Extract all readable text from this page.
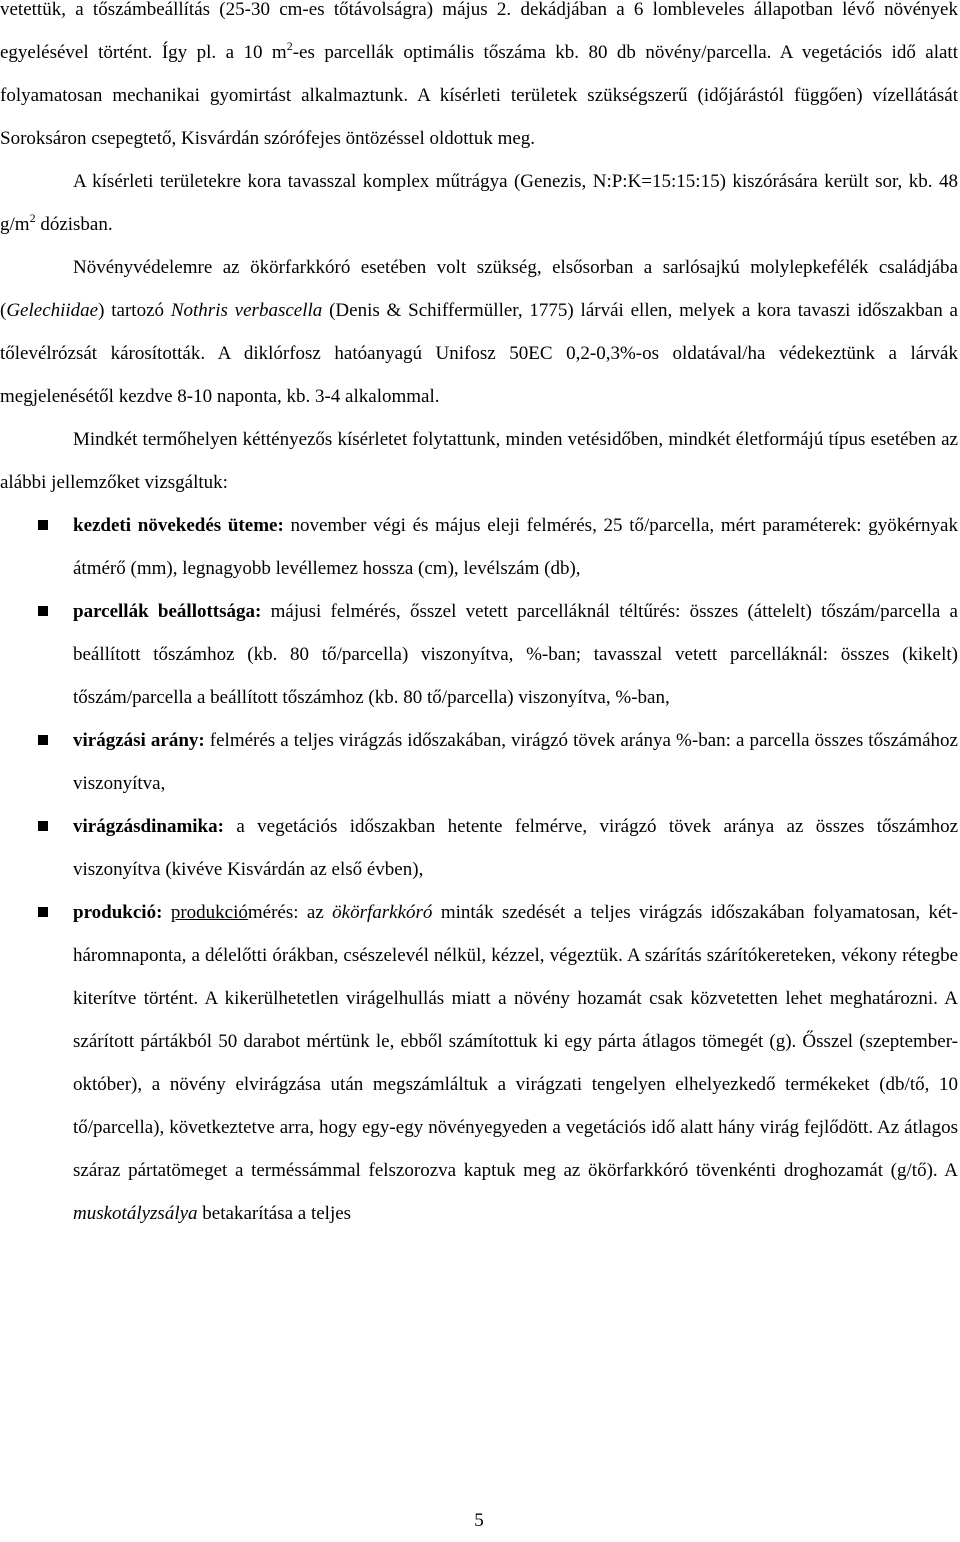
vetettük, a tőszámbeállítás (25-30 cm-es tőtávolságra) május 2. dekádjában a 6 lombleveles állapotban lévő növények egyelésével történt. Így pl. a 10 $m^2-es$ parcellák optimális tőszáma kb. 80 db növény/parcella. A vegetációs idő alatt folyamatosan mechanikai gyomirtást alkalmaztunk. A kísérleti területek szükségszerű (időjárástól függően) vízellátását Soroksáron csepegtető, Kisvárdán szórófejes öntözéssel oldottuk meg.

A kísérleti területekre kora tavasszal komplex műtrágya (Genezis, N:P:K=15:15:15) kiszórására került sor, kb. 48 $g/m^2$ dózisban.

Növényvédelemre az ökörfarkkóró esetében volt szükség, elsősorban a sarlósajkú molylepkefélék családjába (Gelechiidae) tartozó Nothris verbascella (Denis & Schiffermüller, 1775) lárvái ellen, melyek a kora tavaszi időszakban a tőlevélrózsát károsították. A diklórfosz hatóanyagú Unifosz 50EC 0,2-0,3%-os oldatával/ha védekeztünk a lárvák megjelenésétől kezdve 8-10 naponta, kb. 3-4 alkalommal.

Mindkét termőhelyen kéttényezős kísérletet folytattunk, minden vetésidőben, mindkét életformájú típus esetében az alábbi jellemzőket vizsgáltuk:

kezdeti növekedés üteme: november végi és május eleji felmérés, 25 tő/parcella, mért paraméterek: gyökérnyak átmérő (mm), legnagyobb levéllemez hossza (cm), levélszám (db),
parcellák beállottsága: májusi felmérés, ősszel vetett parcelláknál téltűrés: összes (áttelelt) tőszám/parcella a beállított tőszámhoz (kb. 80 tő/parcella) viszonyítva, %-ban; tavasszal vetett parcelláknál: összes (kikelt) tőszám/parcella a beállított tőszámhoz (kb. 80 tő/parcella) viszonyítva, %-ban,
virágzási arány: felmérés a teljes virágzás időszakában, virágzó tövek aránya %-ban: a parcella összes tőszámához viszonyítva,
virágzásdinamika: a vegetációs időszakban hetente felmérve, virágzó tövek aránya az összes tőszámhoz viszonyítva (kivéve Kisvárdán az első évben),
produkció: produkciómérés: az ökörfarkkóró minták szedését a teljes virágzás időszakában folyamatosan, két-háromnaponta, a délelőtti órákban, csészelevél nélkül, kézzel, végeztük. A szárítás szárítókereteken, vékony rétegbe kiterítve történt. A kikerülhetetlen virágelhullás miatt a növény hozamát csak közvetetten lehet meghatározni. A szárított pártákból 50 darabot mértünk le, ebből számítottuk ki egy párta átlagos tömegét (g). Ősszel (szeptember-október), a növény elvirágzása után megszámláltuk a virágzati tengelyen elhelyezkedő termékeket (db/tő, 10 tő/parcella), következtetve arra, hogy egy-egy növényegyeden a vegetációs idő alatt hány virág fejlődött. Az átlagos száraz pártatömeget a terméssámmal felszorozva kaptuk meg az ökörfarkkóró tövenkénti droghozamát (g/tő). A muskotályzsálya betakarítása a teljes
5
